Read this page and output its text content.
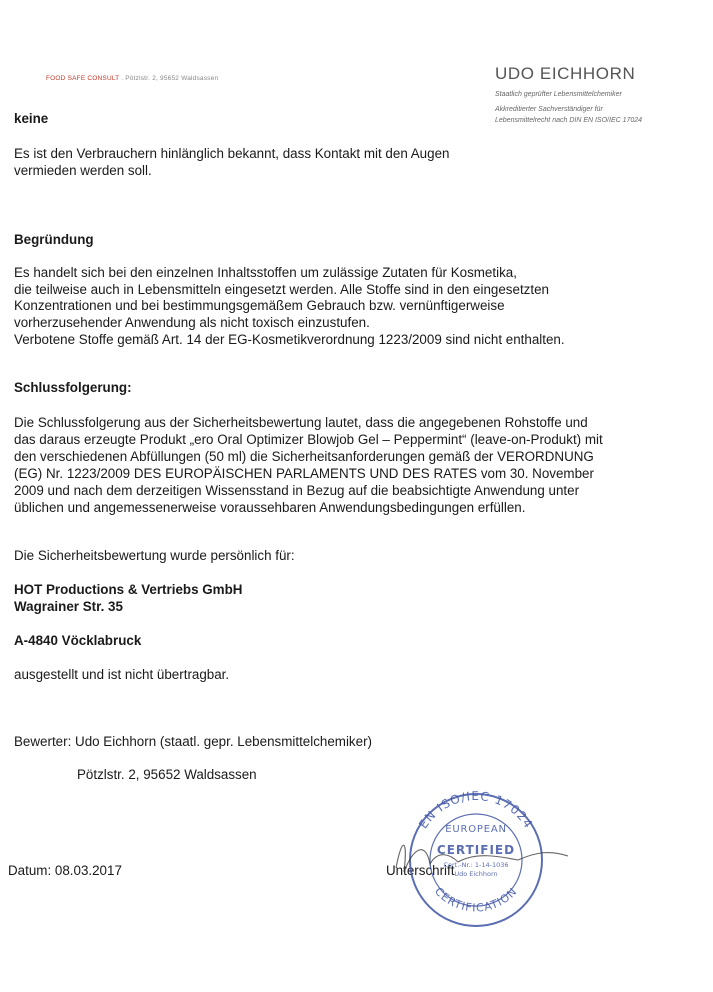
FOOD SAFE CONSULT . Pötzlstr. 2, 95652 Waldsassen	UDO EICHHORN
Staatlich geprüfter Lebensmittelchemiker
Akkreditierter Sachverständiger für
Lebensmittelrecht nach DIN EN ISO/IEC 17024
keine
Es ist den Verbrauchern hinlänglich bekannt, dass Kontakt mit den Augen
vermieden werden soll.
Begründung
Es handelt sich bei den einzelnen Inhaltsstoffen um zulässige Zutaten für Kosmetika,
die teilweise auch in Lebensmitteln eingesetzt werden. Alle Stoffe sind in den eingesetzten
Konzentrationen und bei bestimmungsgemäßem Gebrauch bzw. vernünftigerweise
vorherzusehender Anwendung als nicht toxisch einzustufen.
Verbotene Stoffe gemäß Art. 14 der EG-Kosmetikverordnung 1223/2009 sind nicht enthalten.
Schlussfolgerung:
Die Schlussfolgerung aus der Sicherheitsbewertung lautet, dass die angegebenen Rohstoffe und
das daraus erzeugte Produkt „ero Oral Optimizer Blowjob Gel – Peppermint“ (leave-on-Produkt) mit
den verschiedenen Abfüllungen (50 ml) die Sicherheitsanforderungen gemäß der VERORDNUNG
(EG) Nr. 1223/2009 DES EUROPÄISCHEN PARLAMENTS UND DES RATES vom 30. November
2009 und nach dem derzeitigen Wissensstand in Bezug auf die beabsichtigte Anwendung unter
üblichen und angemessenerweise voraussehbaren Anwendungsbedingungen erfüllen.
Die Sicherheitsbewertung wurde persönlich für:
HOT Productions & Vertriebs GmbH
Wagrainer Str. 35
A-4840 Vöcklabruck
ausgestellt und ist nicht übertragbar.
Bewerter: Udo Eichhorn (staatl. gepr. Lebensmittelchemiker)
Pötzlstr. 2, 95652 Waldsassen
Datum: 08.03.2017	Unterschrift
EN ISO/IEC 17024
CERTIFICATION
EUROPEAN
CERTIFIED
Cert.-Nr.: 1-14-1036
Udo Eichhorn
